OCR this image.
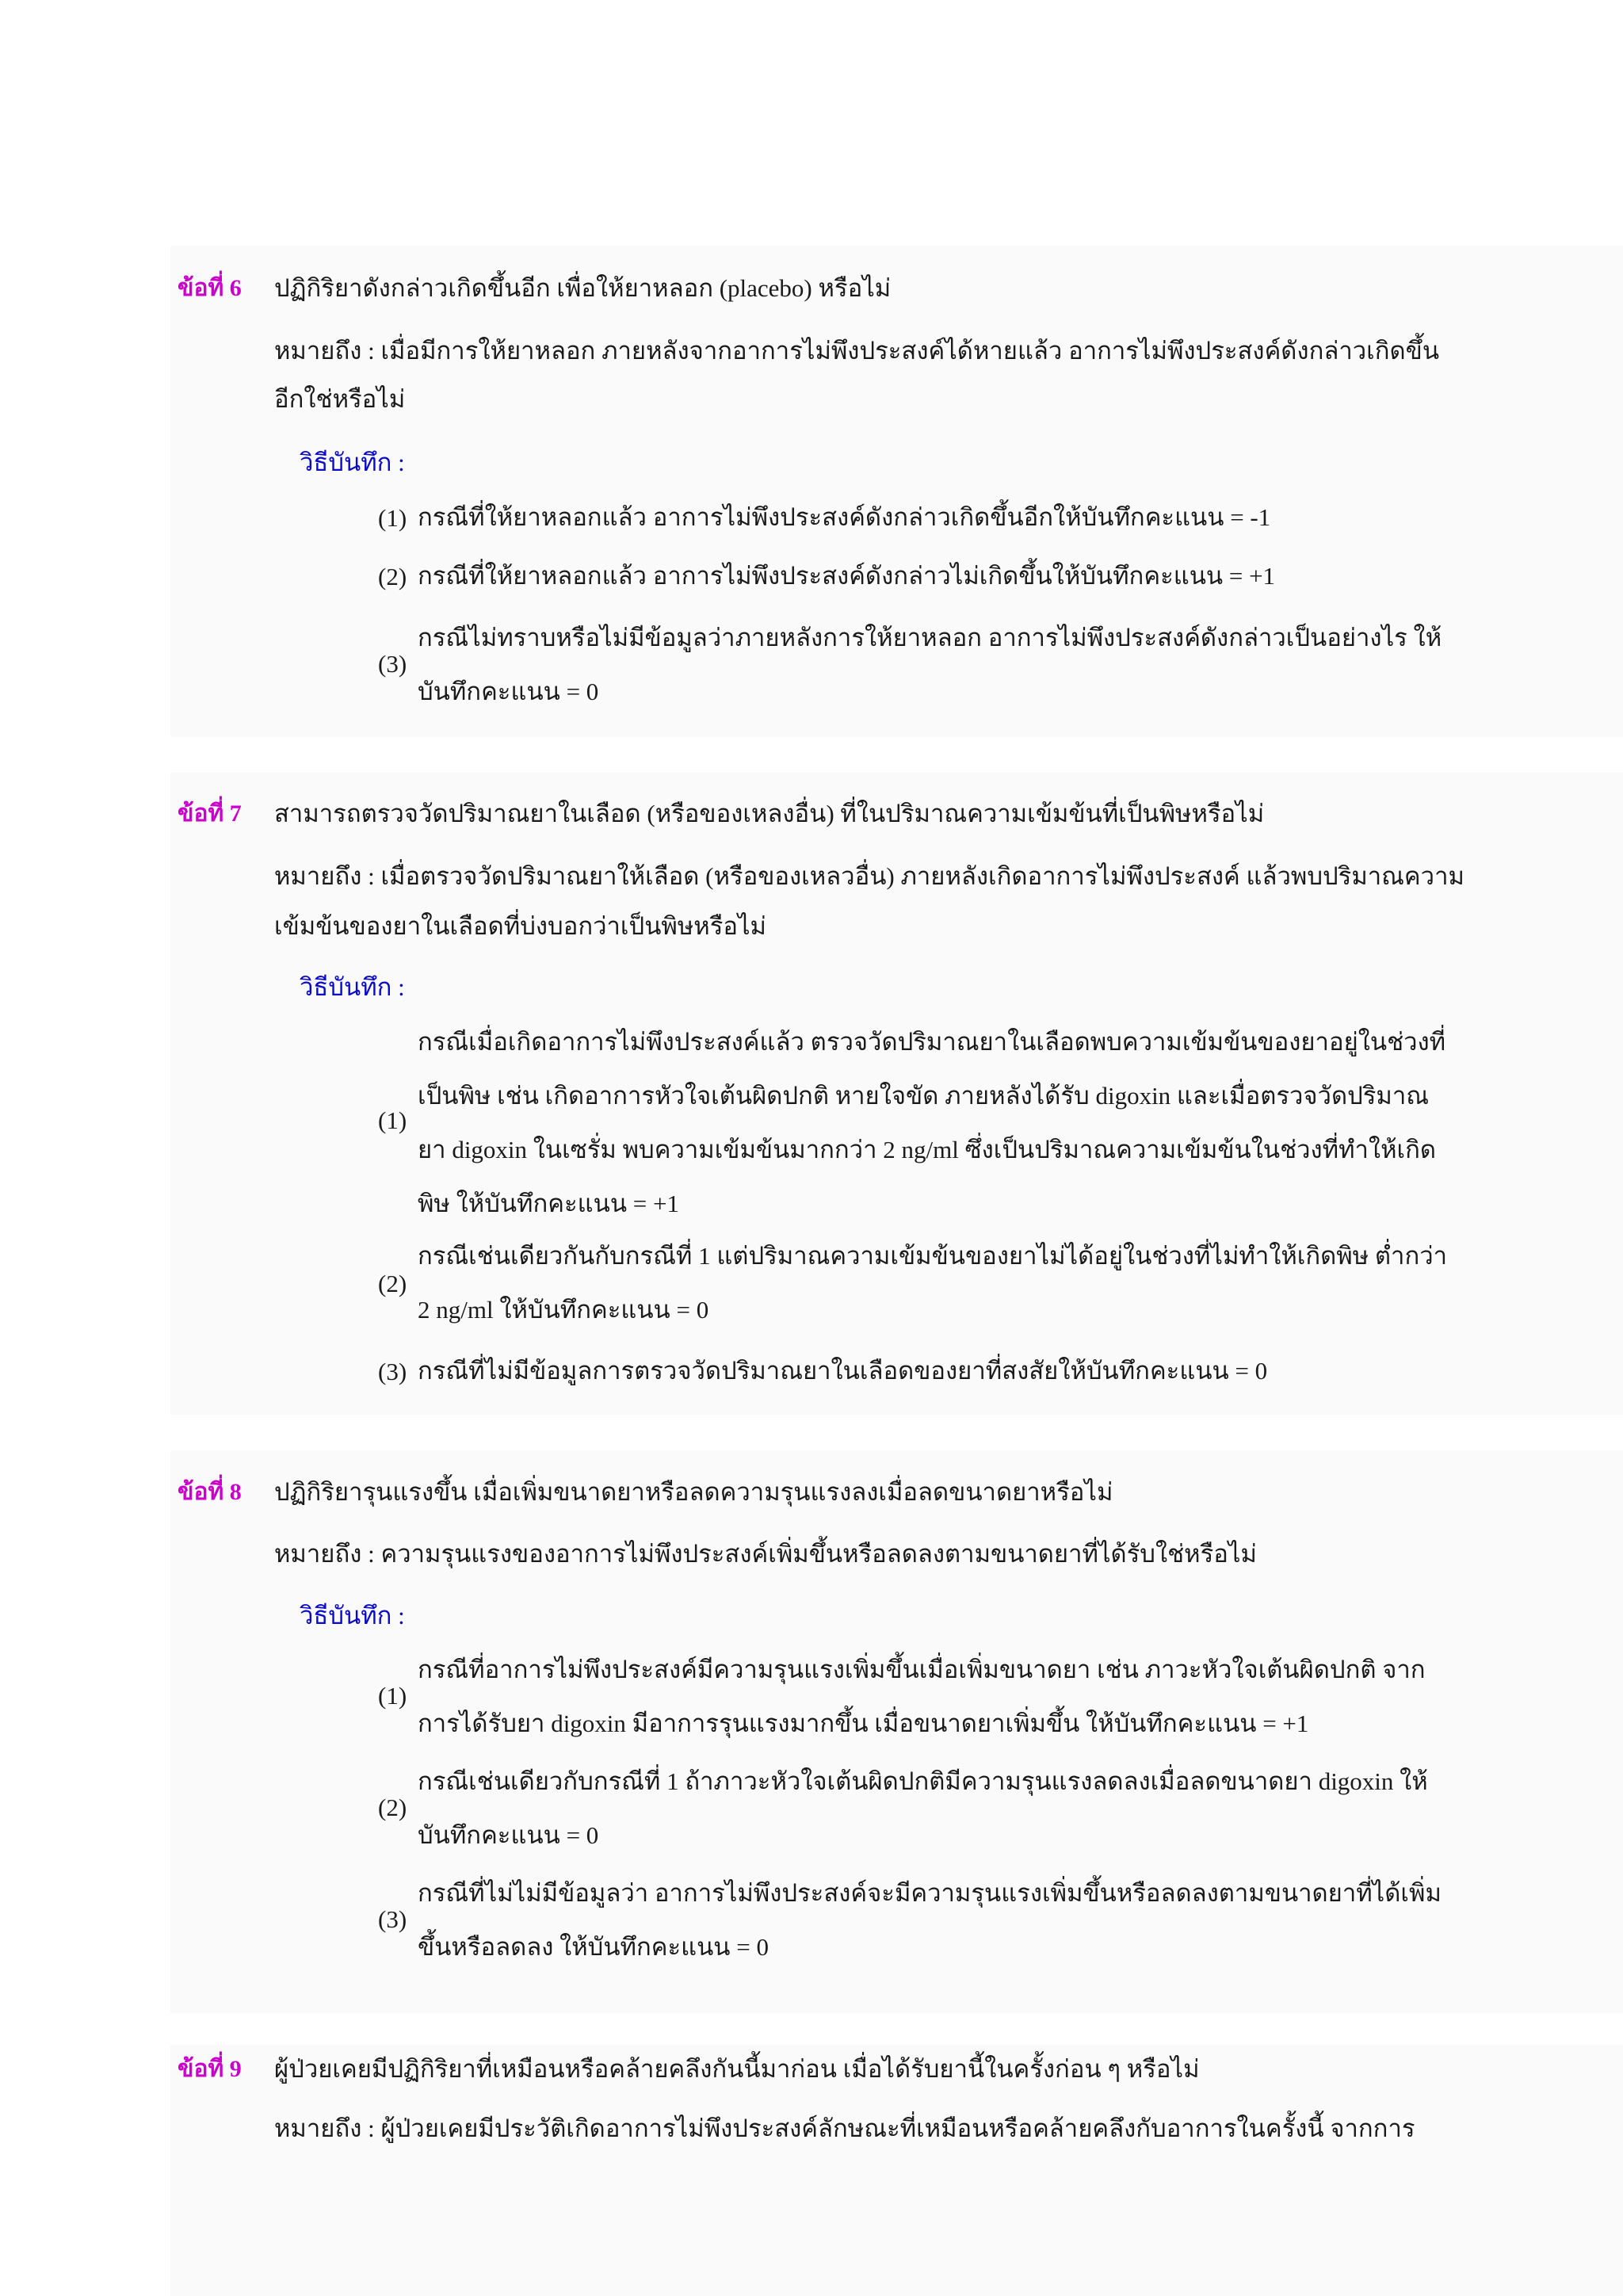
ข้อที่ 6 ปฏิกิริยาดังกล่าวเกิดขึ้นอีก เพื่อให้ยาหลอก (placebo) หรือไม่
หมายถึง : เมื่อมีการให้ยาหลอก ภายหลังจากอาการไม่พึงประสงค์ได้หายแล้ว อาการไม่พึงประสงค์ดังกล่าวเกิดขึ้น
อีกใช่หรือไม่
วิธีบันทึก :
(1) กรณีที่ให้ยาหลอกแล้ว อาการไม่พึงประสงค์ดังกล่าวเกิดขึ้นอีกให้บันทึกคะแนน = -1
(2) กรณีที่ให้ยาหลอกแล้ว อาการไม่พึงประสงค์ดังกล่าวไม่เกิดขึ้นให้บันทึกคะแนน = +1
(3)
กรณีไม่ทราบหรือไม่มีข้อมูลว่าภายหลังการให้ยาหลอก อาการไม่พึงประสงค์ดังกล่าวเป็นอย่างไร ให้บันทึกคะแนน = 0
ข้อที่ 7 สามารถตรวจวัดปริมาณยาในเลือด (หรือของเหลงอื่น) ที่ในปริมาณความเข้มข้นที่เป็นพิษหรือไม่
หมายถึง : เมื่อตรวจวัดปริมาณยาให้เลือด (หรือของเหลวอื่น) ภายหลังเกิดอาการไม่พึงประสงค์ แล้วพบปริมาณความ
เข้มข้นของยาในเลือดที่บ่งบอกว่าเป็นพิษหรือไม่
วิธีบันทึก :
(1)
กรณีเมื่อเกิดอาการไม่พึงประสงค์แล้ว ตรวจวัดปริมาณยาในเลือดพบความเข้มข้นของยาอยู่ในช่วงที่เป็นพิษ เช่น เกิดอาการหัวใจเต้นผิดปกติ หายใจขัด ภายหลังได้รับ digoxin และเมื่อตรวจวัดปริมาณยา digoxin ในเซรั่ม พบความเข้มข้นมากกว่า 2 ng/ml ซึ่งเป็นปริมาณความเข้มข้นในช่วงที่ทำให้เกิดพิษ ให้บันทึกคะแนน = +1
(2)
กรณีเช่นเดียวกันกับกรณีที่ 1 แต่ปริมาณความเข้มข้นของยาไม่ได้อยู่ในช่วงที่ไม่ทำให้เกิดพิษ ต่ำกว่า 2 ng/ml ให้บันทึกคะแนน = 0
(3) กรณีที่ไม่มีข้อมูลการตรวจวัดปริมาณยาในเลือดของยาที่สงสัยให้บันทึกคะแนน = 0
ข้อที่ 8 ปฏิกิริยารุนแรงขึ้น เมื่อเพิ่มขนาดยาหรือลดความรุนแรงลงเมื่อลดขนาดยาหรือไม่
หมายถึง : ความรุนแรงของอาการไม่พึงประสงค์เพิ่มขึ้นหรือลดลงตามขนาดยาที่ได้รับใช่หรือไม่
วิธีบันทึก :
(1)
กรณีที่อาการไม่พึงประสงค์มีความรุนแรงเพิ่มขึ้นเมื่อเพิ่มขนาดยา เช่น ภาวะหัวใจเต้นผิดปกติ จากการได้รับยา digoxin มีอาการรุนแรงมากขึ้น เมื่อขนาดยาเพิ่มขึ้น ให้บันทึกคะแนน = +1
(2)
กรณีเช่นเดียวกับกรณีที่ 1 ถ้าภาวะหัวใจเต้นผิดปกติมีความรุนแรงลดลงเมื่อลดขนาดยา digoxin ให้บันทึกคะแนน = 0
(3)
กรณีที่ไม่ไม่มีข้อมูลว่า อาการไม่พึงประสงค์จะมีความรุนแรงเพิ่มขึ้นหรือลดลงตามขนาดยาที่ได้เพิ่มขึ้นหรือลดลง ให้บันทึกคะแนน = 0
ข้อที่ 9 ผู้ป่วยเคยมีปฏิกิริยาที่เหมือนหรือคล้ายคลึงกันนี้มาก่อน เมื่อได้รับยานี้ในครั้งก่อน ๆ หรือไม่
หมายถึง : ผู้ป่วยเคยมีประวัติเกิดอาการไม่พึงประสงค์ลักษณะที่เหมือนหรือคล้ายคลึงกับอาการในครั้งนี้ จากการ
